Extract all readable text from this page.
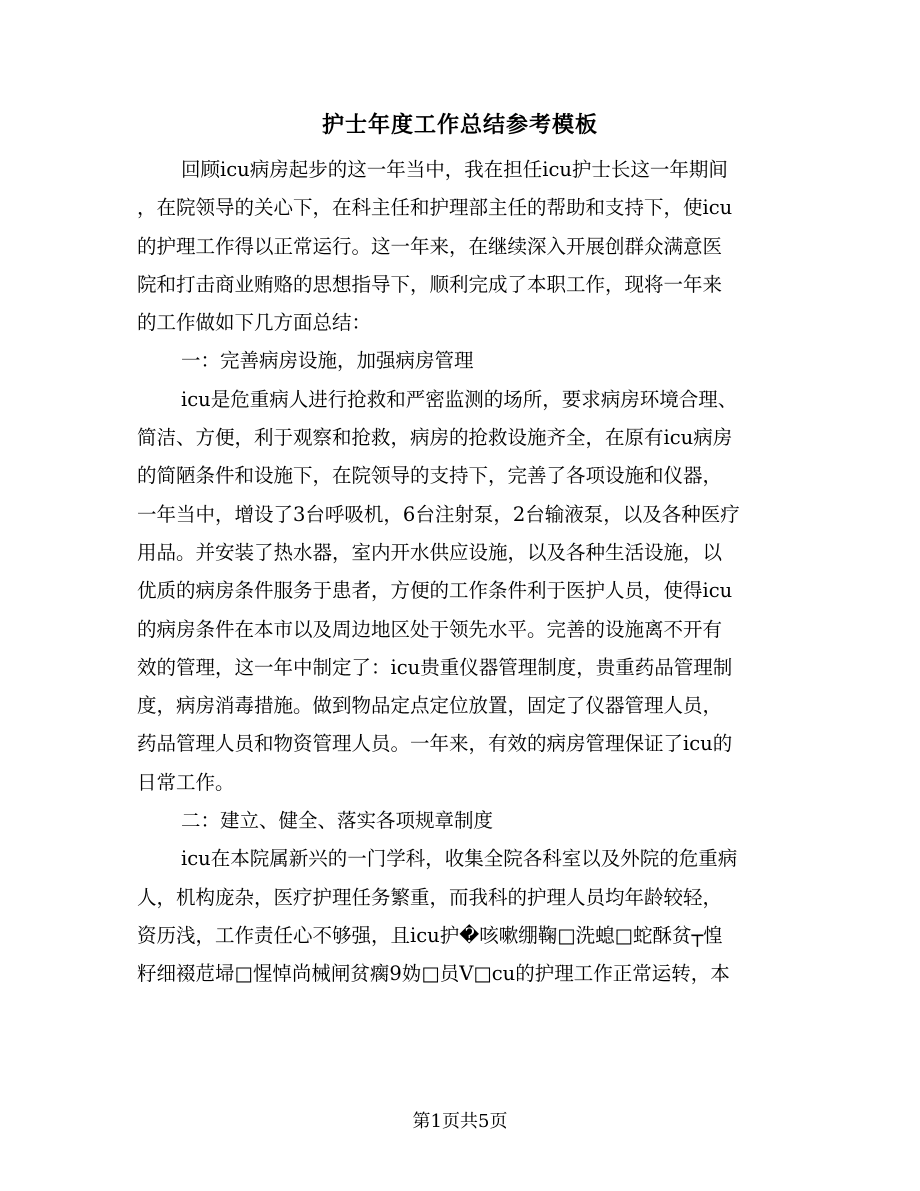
护士年度工作总结参考模板
回顾icu病房起步的这一年当中，我在担任icu护士长这一年期间
，在院领导的关心下，在科主任和护理部主任的帮助和支持下，使icu
的护理工作得以正常运行。这一年来，在继续深入开展创群众满意医
院和打击商业贿赂的思想指导下，顺利完成了本职工作，现将一年来
的工作做如下几方面总结：
一：完善病房设施，加强病房管理
icu是危重病人进行抢救和严密监测的场所，要求病房环境合理、
简洁、方便，利于观察和抢救，病房的抢救设施齐全，在原有icu病房
的简陋条件和设施下，在院领导的支持下，完善了各项设施和仪器，
一年当中，增设了3台呼吸机，6台注射泵，2台输液泵，以及各种医疗
用品。并安装了热水器，室内开水供应设施，以及各种生活设施，以
优质的病房条件服务于患者，方便的工作条件利于医护人员，使得icu
的病房条件在本市以及周边地区处于领先水平。完善的设施离不开有
效的管理，这一年中制定了：icu贵重仪器管理制度，贵重药品管理制
度，病房消毒措施。做到物品定点定位放置，固定了仪器管理人员，
药品管理人员和物资管理人员。一年来，有效的病房管理保证了icu的
日常工作。
二：建立、健全、落实各项规章制度
icu在本院属新兴的一门学科，收集全院各科室以及外院的危重病
人，机构庞杂，医疗护理任务繁重，而我科的护理人员均年龄较轻，
资历浅，工作责任心不够强，且icu护�咳嗽绷鞠□洗螅□蛇酥贫┬惶
籽细裰苊埽□惺悼尚械闸贫瘸9妫□员V□cu的护理工作正常运转，本
第1页共5页
